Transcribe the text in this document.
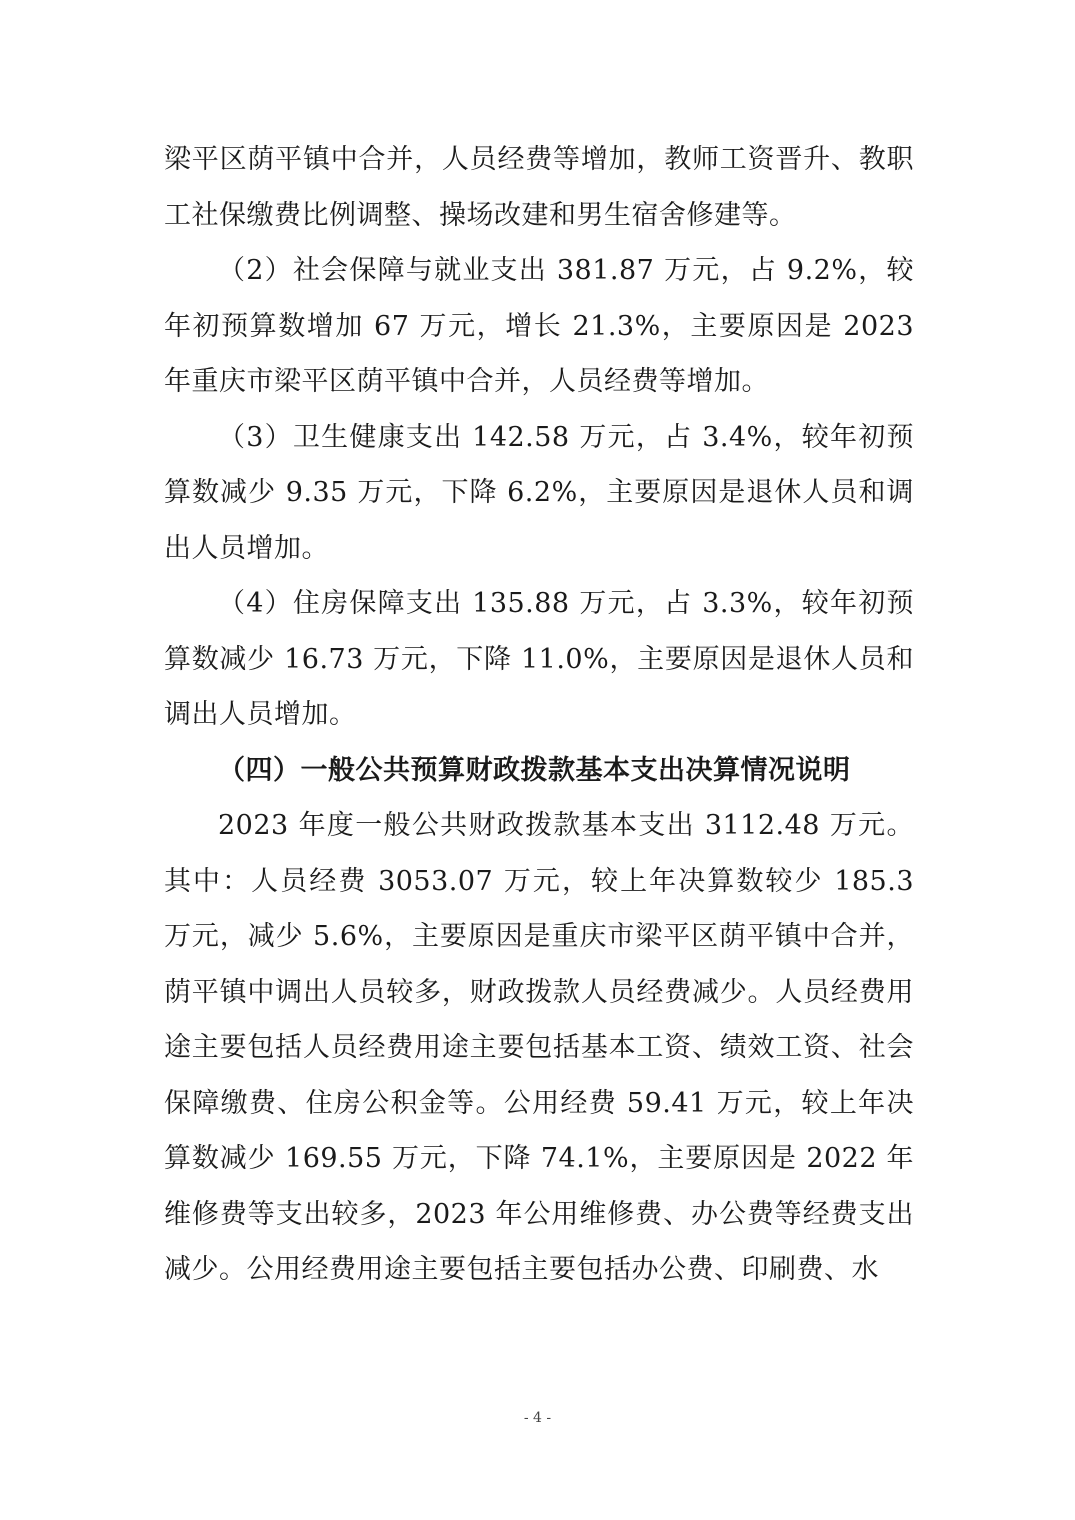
梁平区荫平镇中合并，人员经费等增加，教师工资晋升、教职工社保缴费比例调整、操场改建和男生宿舍修建等。

（2）社会保障与就业支出 381.87 万元，占 9.2%，较年初预算数增加 67 万元，增长 21.3%，主要原因是 2023 年重庆市梁平区荫平镇中合并，人员经费等增加。

（3）卫生健康支出 142.58 万元，占 3.4%，较年初预算数减少 9.35 万元，下降 6.2%，主要原因是退休人员和调出人员增加。

（4）住房保障支出 135.88 万元，占 3.3%，较年初预算数减少 16.73 万元，下降 11.0%，主要原因是退休人员和调出人员增加。

（四）一般公共预算财政拨款基本支出决算情况说明

2023 年度一般公共财政拨款基本支出 3112.48 万元。其中：人员经费 3053.07 万元，较上年决算数较少 185.3 万元，减少 5.6%，主要原因是重庆市梁平区荫平镇中合并，荫平镇中调出人员较多，财政拨款人员经费减少。人员经费用途主要包括人员经费用途主要包括基本工资、绩效工资、社会保障缴费、住房公积金等。公用经费 59.41 万元，较上年决算数减少 169.55 万元，下降 74.1%，主要原因是 2022 年维修费等支出较多，2023 年公用维修费、办公费等经费支出减少。公用经费用途主要包括主要包括办公费、印刷费、水

- 4 -
